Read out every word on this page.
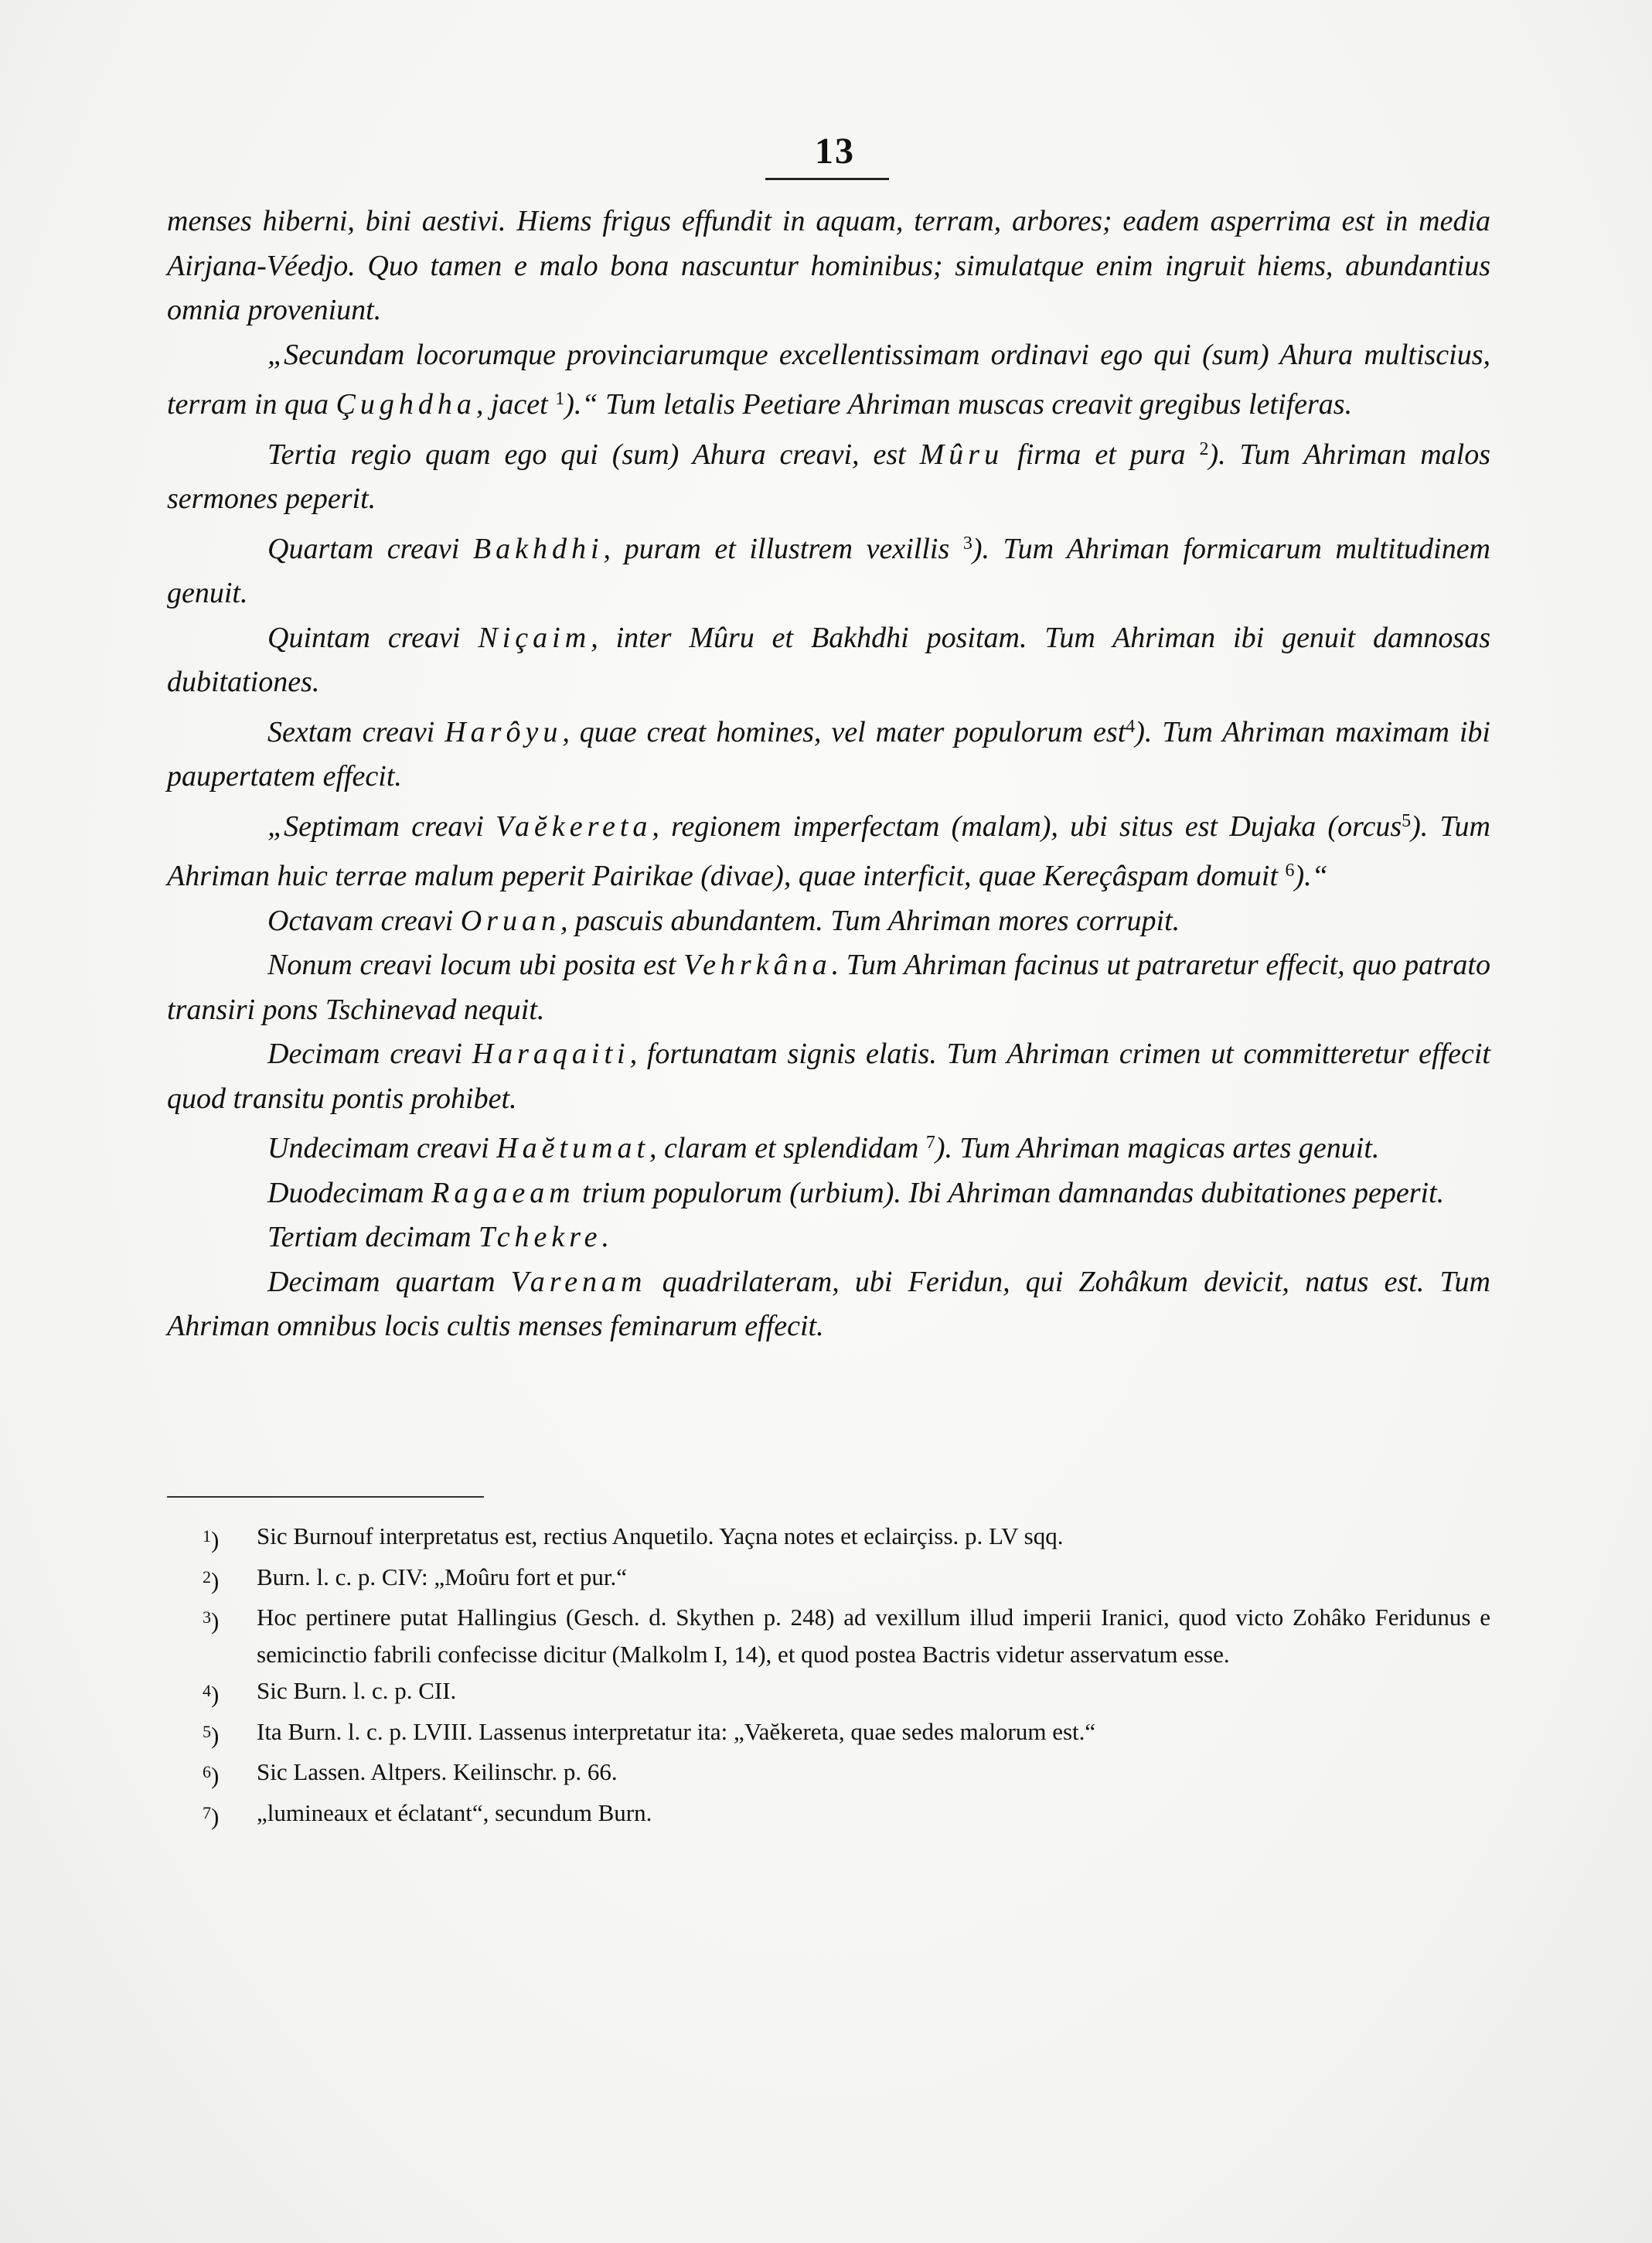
13

menses hiberni, bini aestivi. Hiems frigus effundit in aquam, terram, arbores; eadem asperrima est in media Airjana-Véedjo. Quo tamen e malo bona nascuntur hominibus; simulatque enim ingruit hiems, abundantius omnia proveniunt.

„Secundam locorumque provinciarumque excellentissimam ordinavi ego qui (sum) Ahura multiscius, terram in qua Çughdha, jacet $^1$).“ Tum letalis Peetiare Ahriman muscas creavit gregibus letiferas.

Tertia regio quam ego qui (sum) Ahura creavi, est Mûru firma et pura $^2$). Tum Ahriman malos sermones peperit.

Quartam creavi Bakhdhi, puram et illustrem vexillis $^3$). Tum Ahriman formicarum multitudinem genuit.

Quintam creavi Niçaim, inter Mûru et Bakhdhi positam. Tum Ahriman ibi genuit damnosas dubitationes.

Sextam creavi Harôyu, quae creat homines, vel mater populorum est$^4$). Tum Ahriman maximam ibi paupertatem effecit.

„Septimam creavi Vaĕkereta, regionem imperfectam (malam), ubi situs est Dujaka (orcus$^5$). Tum Ahriman huic terrae malum peperit Pairikae (divae), quae interficit, quae Kereçâspam domuit $^6$).“

Octavam creavi Oruan, pascuis abundantem. Tum Ahriman mores corrupit.

Nonum creavi locum ubi posita est Vehrkâna. Tum Ahriman facinus ut patraretur effecit, quo patrato transiri pons Tschinevad nequit.

Decimam creavi Haraqaiti, fortunatam signis elatis. Tum Ahriman crimen ut committeretur effecit quod transitu pontis prohibet.

Undecimam creavi Haĕtumat, claram et splendidam $^7$). Tum Ahriman magicas artes genuit.

Duodecimam Ragaeam trium populorum (urbium). Ibi Ahriman damnandas dubitationes peperit.

Tertiam decimam Tchekre.

Decimam quartam Varenam quadrilateram, ubi Feridun, qui Zohâkum devicit, natus est. Tum Ahriman omnibus locis cultis menses feminarum effecit.

$^1$)	Sic Burnouf interpretatus est, rectius Anquetilo. Yaçna notes et eclairçiss. p. LV sqq.
$^2$)	Burn. l. c. p. CIV: „Moûru fort et pur.“
$^3$)	Hoc pertinere putat Hallingius (Gesch. d. Skythen p. 248) ad vexillum illud imperii Iranici, quod victo Zohâko Feridunus e semicinctio fabrili confecisse dicitur (Malkolm I, 14), et quod postea Bactris videtur asservatum esse.
$^4$)	Sic Burn. l. c. p. CII.
$^5$)	Ita Burn. l. c. p. LVIII. Lassenus interpretatur ita: „Vaĕkereta, quae sedes malorum est.“
$^6$)	Sic Lassen. Altpers. Keilinschr. p. 66.
$^7$)	„lumineaux et éclatant“, secundum Burn.
